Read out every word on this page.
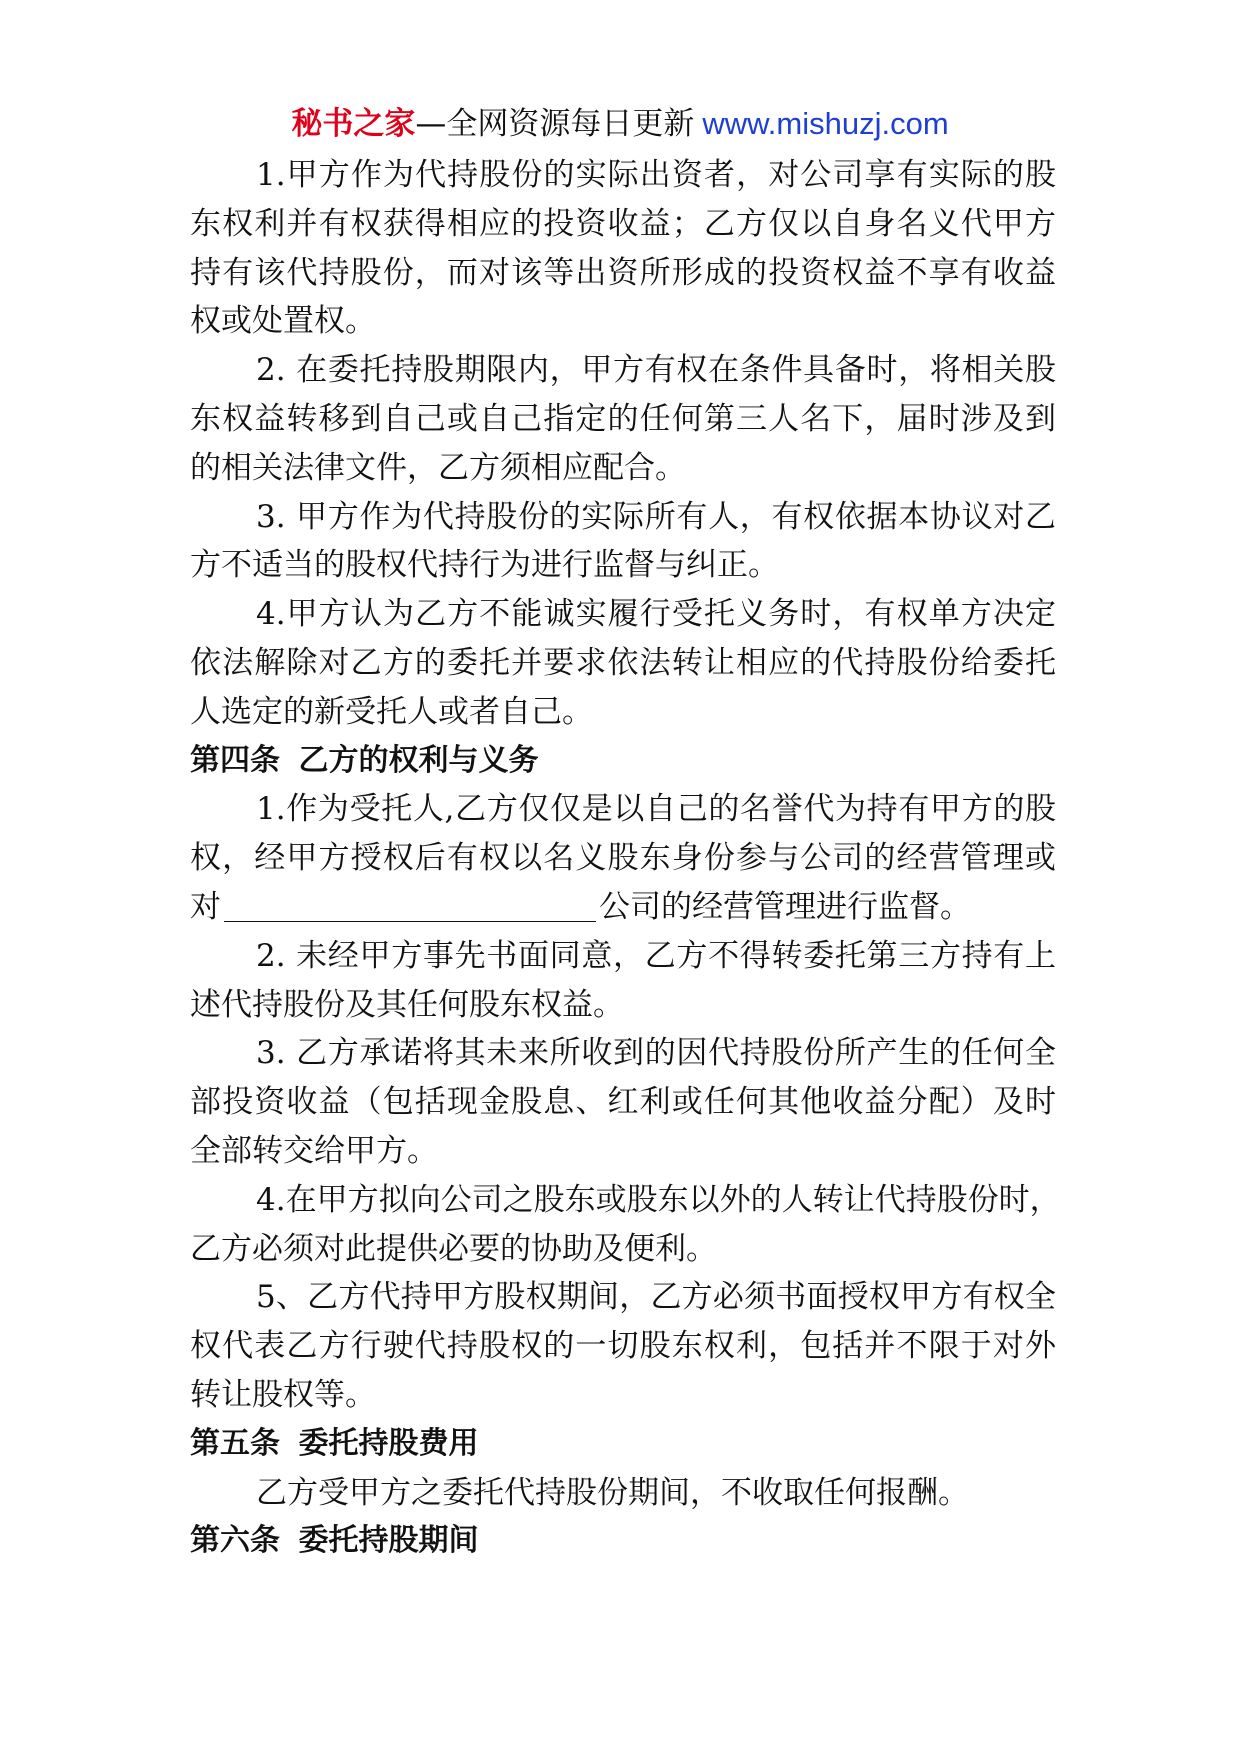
秘书之家—全网资源每日更新 www.mishuzj.com
1.甲方作为代持股份的实际出资者，对公司享有实际的股
东权利并有权获得相应的投资收益；乙方仅以自身名义代甲方
持有该代持股份，而对该等出资所形成的投资权益不享有收益
权或处置权。
2. 在委托持股期限内，甲方有权在条件具备时，将相关股
东权益转移到自己或自己指定的任何第三人名下，届时涉及到
的相关法律文件，乙方须相应配合。
3. 甲方作为代持股份的实际所有人，有权依据本协议对乙
方不适当的股权代持行为进行监督与纠正。
4.甲方认为乙方不能诚实履行受托义务时，有权单方决定
依法解除对乙方的委托并要求依法转让相应的代持股份给委托
人选定的新受托人或者自己。
第四条 乙方的权利与义务
1.作为受托人,乙方仅仅是以自己的名誉代为持有甲方的股
权，经甲方授权后有权以名义股东身份参与公司的经营管理或
对	公司的经营管理进行监督。
2. 未经甲方事先书面同意，乙方不得转委托第三方持有上
述代持股份及其任何股东权益。
3. 乙方承诺将其未来所收到的因代持股份所产生的任何全
部投资收益（包括现金股息、红利或任何其他收益分配）及时
全部转交给甲方。
4.在甲方拟向公司之股东或股东以外的人转让代持股份时，
乙方必须对此提供必要的协助及便利。
5、乙方代持甲方股权期间，乙方必须书面授权甲方有权全
权代表乙方行驶代持股权的一切股东权利，包括并不限于对外
转让股权等。
第五条 委托持股费用
乙方受甲方之委托代持股份期间，不收取任何报酬。
第六条 委托持股期间
